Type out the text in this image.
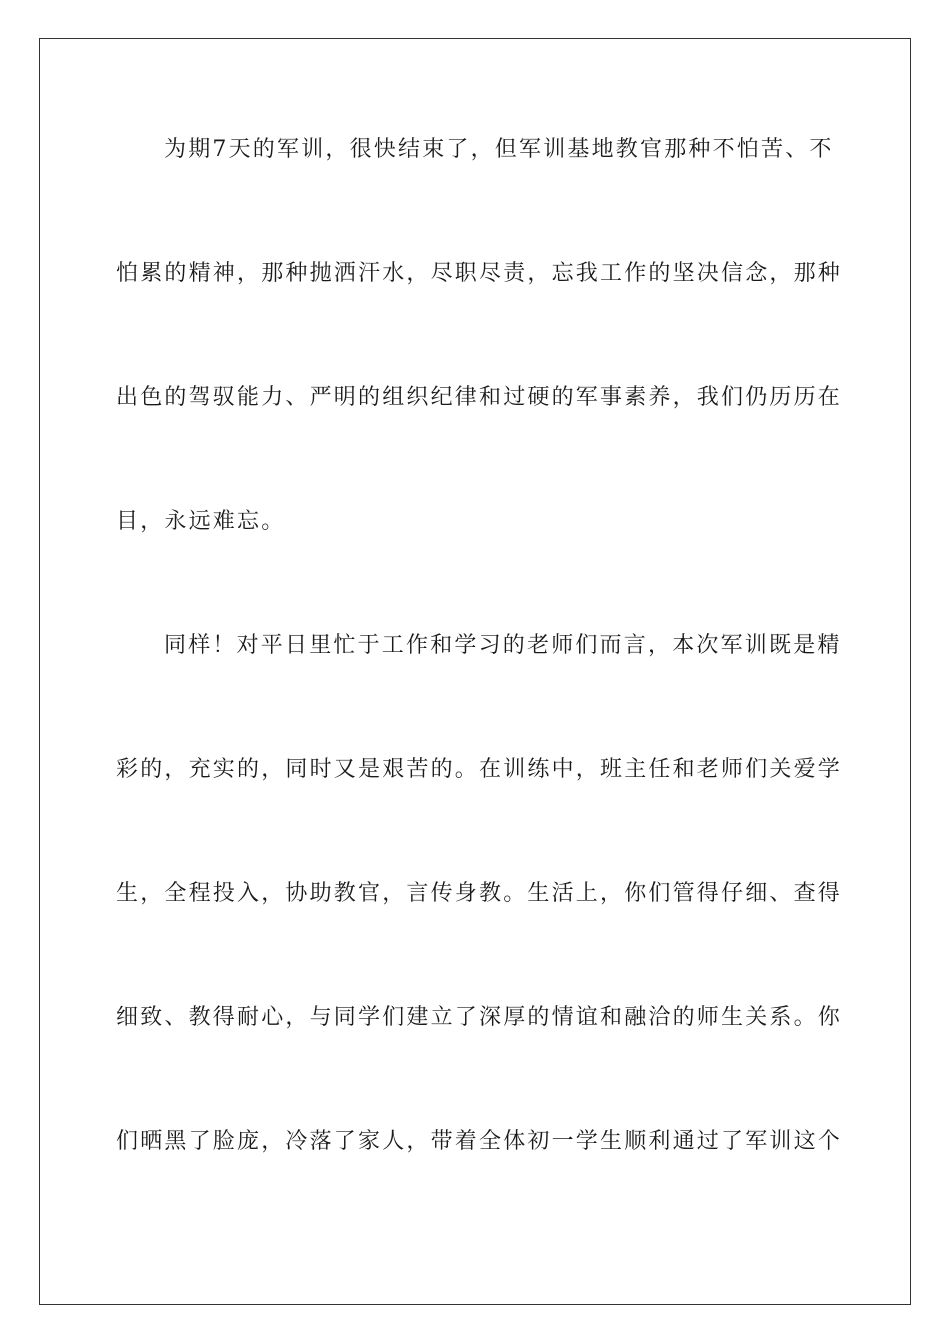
为期7天的军训，很快结束了，但军训基地教官那种不怕苦、不
怕累的精神，那种抛洒汗水，尽职尽责，忘我工作的坚决信念，那种
出色的驾驭能力、严明的组织纪律和过硬的军事素养，我们仍历历在
目，永远难忘。
同样！对平日里忙于工作和学习的老师们而言，本次军训既是精
彩的，充实的，同时又是艰苦的。在训练中，班主任和老师们关爱学
生，全程投入，协助教官，言传身教。生活上，你们管得仔细、查得
细致、教得耐心，与同学们建立了深厚的情谊和融洽的师生关系。你
们晒黑了脸庞，冷落了家人，带着全体初一学生顺利通过了军训这个
